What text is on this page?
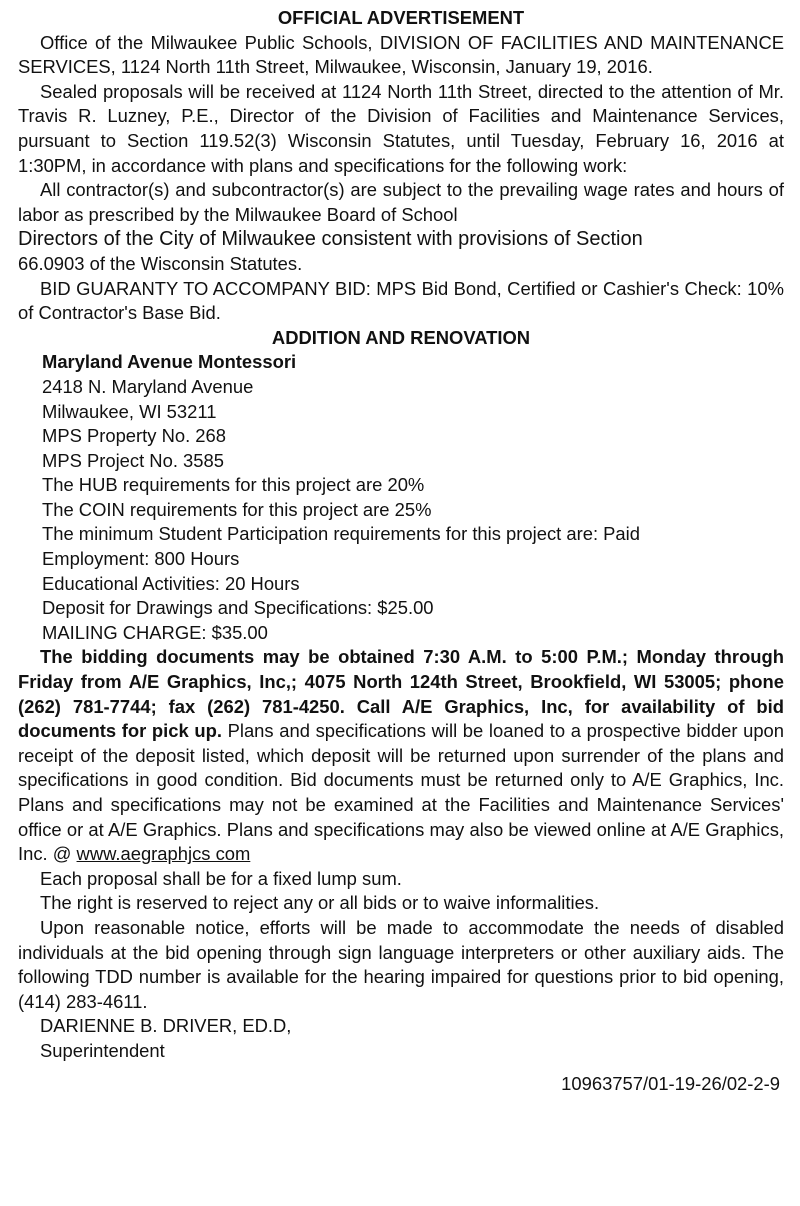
OFFICIAL ADVERTISEMENT

Office of the Milwaukee Public Schools, DIVISION OF FACILITIES AND MAINTENANCE SERVICES, 1124 North 11th Street, Milwaukee, Wisconsin, January 19, 2016.

Sealed proposals will be received at 1124 North 11th Street, directed to the attention of Mr. Travis R. Luzney, P.E., Director of the Division of Facilities and Maintenance Services, pursuant to Section 119.52(3) Wisconsin Statutes, until Tuesday, February 16, 2016 at 1:30PM, in accordance with plans and specifications for the following work:

All contractor(s) and subcontractor(s) are subject to the prevailing wage rates and hours of labor as prescribed by the Milwaukee Board of School

Directors of the City of Milwaukee consistent with provisions of Section

66.0903 of the Wisconsin Statutes.

BID GUARANTY TO ACCOMPANY BID: MPS Bid Bond, Certified or Cashier's Check: 10% of Contractor's Base Bid.

ADDITION AND RENOVATION

Maryland Avenue Montessori

2418 N. Maryland Avenue

Milwaukee, WI 53211

MPS Property No. 268

MPS Project No. 3585

The HUB requirements for this project are 20%

The COIN requirements for this project are 25%

The minimum Student Participation requirements for this project are: Paid

Employment: 800 Hours

Educational Activities: 20 Hours

Deposit for Drawings and Specifications: $25.00

MAILING CHARGE: $35.00

The bidding documents may be obtained 7:30 A.M. to 5:00 P.M.; Monday through Friday from A/E Graphics, Inc,; 4075 North 124th Street, Brookfield, WI 53005; phone (262) 781-7744; fax (262) 781-4250. Call A/E Graphics, Inc, for availability of bid documents for pick up. Plans and specifications will be loaned to a prospective bidder upon receipt of the deposit listed, which deposit will be returned upon surrender of the plans and specifications in good condition. Bid documents must be returned only to A/E Graphics, Inc. Plans and specifications may not be examined at the Facilities and Maintenance Services' office or at A/E Graphics. Plans and specifications may also be viewed online at A/E Graphics, Inc. @ www.aegraphjcs com

Each proposal shall be for a fixed lump sum.

The right is reserved to reject any or all bids or to waive informalities.

Upon reasonable notice, efforts will be made to accommodate the needs of disabled individuals at the bid opening through sign language interpreters or other auxiliary aids. The following TDD number is available for the hearing impaired for questions prior to bid opening, (414) 283-4611.

DARIENNE B. DRIVER, ED.D,

Superintendent

10963757/01-19-26/02-2-9
